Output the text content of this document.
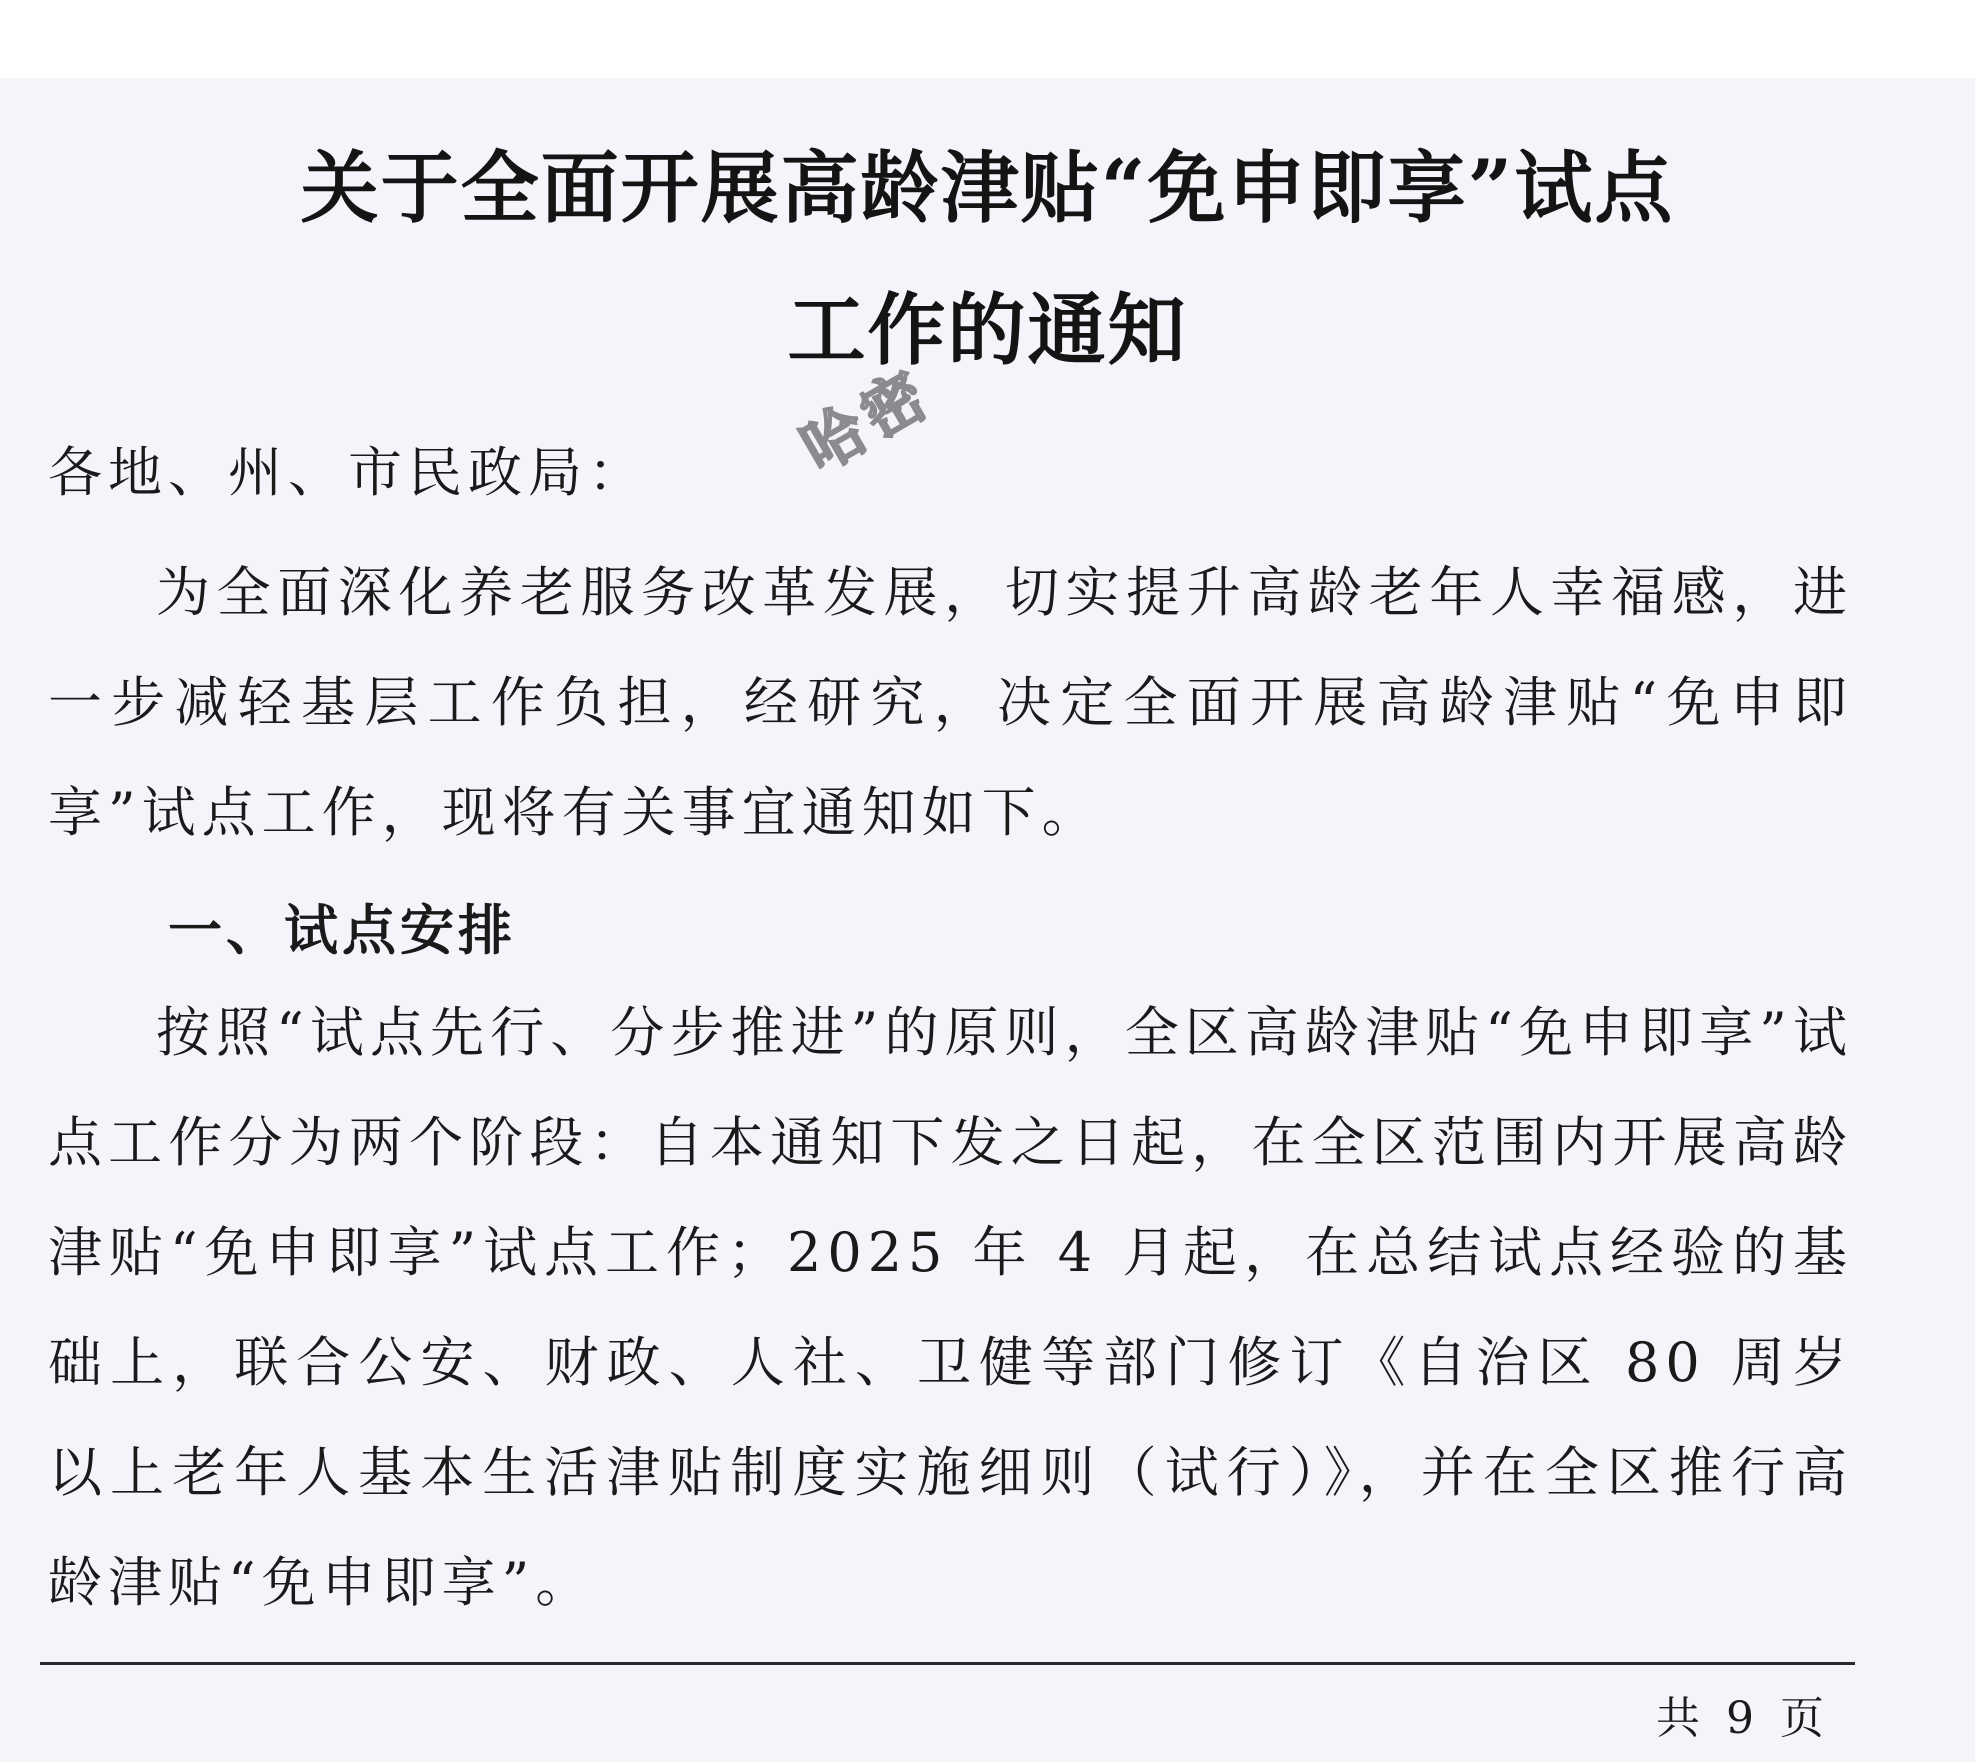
关于全面开展高龄津贴“免申即享”试点
工作的通知
哈密

各地、州、市民政局：

为全面深化养老服务改革发展，切实提升高龄老年人幸福感，进一步减轻基层工作负担，经研究，决定全面开展高龄津贴“免申即享”试点工作，现将有关事宜通知如下。

一、试点安排

按照“试点先行、分步推进”的原则，全区高龄津贴“免申即享”试点工作分为两个阶段：自本通知下发之日起，在全区范围内开展高龄津贴“免申即享”试点工作；2025 年 4 月起，在总结试点经验的基础上，联合公安、财政、人社、卫健等部门修订《自治区 80 周岁以上老年人基本生活津贴制度实施细则（试行）》，并在全区推行高龄津贴“免申即享”。

共 9 页
